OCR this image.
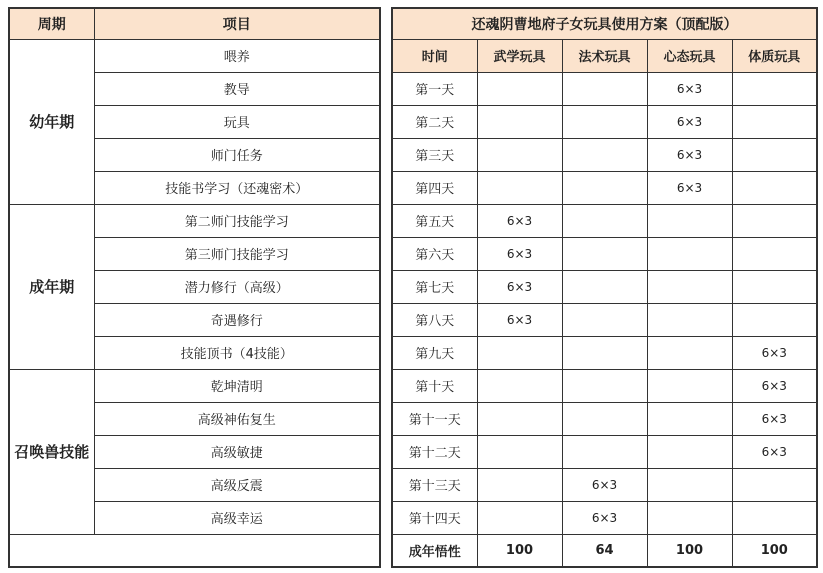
周期	项目
幼年期	喂养
	教导
	玩具
	师门任务
	技能书学习（还魂密术）
成年期	第二师门技能学习
	第三师门技能学习
	潜力修行（高级）
	奇遇修行
	技能顶书（4技能）
召唤兽技能	乾坤清明
	高级神佑复生
	高级敏捷
	高级反震
	高级幸运

还魂阴曹地府子女玩具使用方案（顶配版）				
时间	武学玩具	法术玩具	心态玩具	体质玩具
第一天			6×3	
第二天			6×3	
第三天			6×3	
第四天			6×3	
第五天	6×3			
第六天	6×3			
第七天	6×3			
第八天	6×3			
第九天				6×3
第十天				6×3
第十一天				6×3
第十二天				6×3
第十三天		6×3		
第十四天		6×3		
成年悟性	100	64	100	100
